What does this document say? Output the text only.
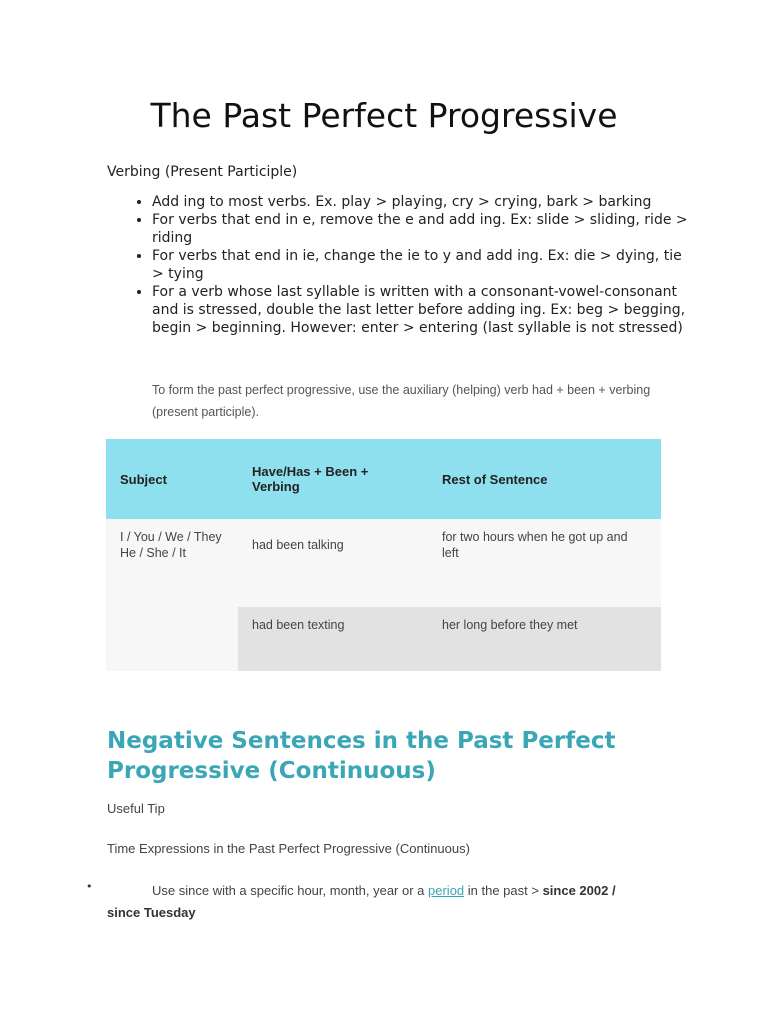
The Past Perfect Progressive
Verbing (Present Participle)
• Add ing to most verbs. Ex. play > playing, cry > crying, bark > barking
• For verbs that end in e, remove the e and add ing. Ex: slide > sliding, ride > riding
• For verbs that end in ie, change the ie to y and add ing. Ex: die > dying, tie > tying
• For a verb whose last syllable is written with a consonant-vowel-consonant and is stressed, double the last letter before adding ing. Ex: beg > begging, begin > beginning. However: enter > entering (last syllable is not stressed)
To form the past perfect progressive, use the auxiliary (helping) verb had + been + verbing (present participle).
Subject	Have/Has + Been + Verbing	Rest of Sentence
I / You / We / They He / She / It	had been talking	for two hours when he got up and left
	had been texting	her long before they met
Negative Sentences in the Past Perfect Progressive (Continuous)
Useful Tip
Time Expressions in the Past Perfect Progressive (Continuous)
•	Use since with a specific hour, month, year or a period in the past > since 2002 / since Tuesday
